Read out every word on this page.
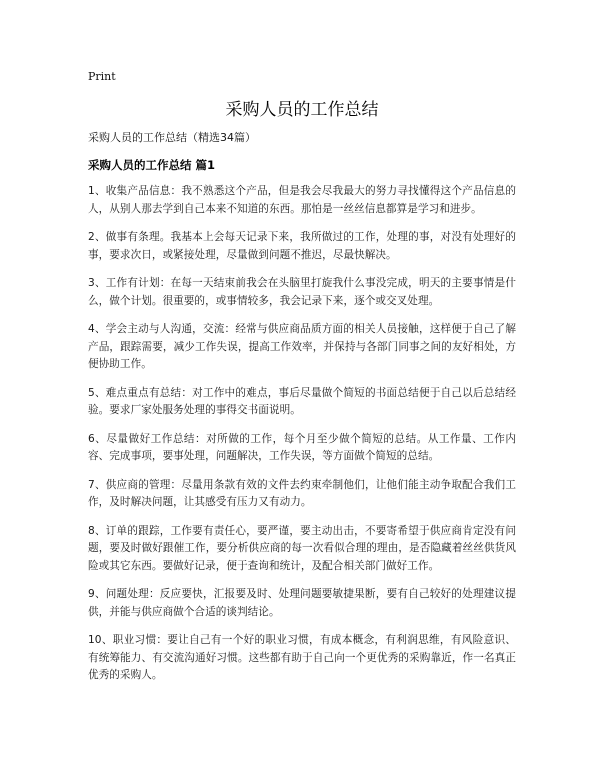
Print
采购人员的工作总结
采购人员的工作总结（精选34篇）
采购人员的工作总结 篇1

1、收集产品信息：我不熟悉这个产品，但是我会尽我最大的努力寻找懂得这个产品信息的人，从别人那去学到自己本来不知道的东西。那怕是一丝丝信息都算是学习和进步。

2、做事有条理。我基本上会每天记录下来，我所做过的工作，处理的事，对没有处理好的事，要求次日，或紧接处理，尽量做到问题不推迟，尽最快解决。

3、工作有计划：在每一天结束前我会在头脑里打旋我什么事没完成，明天的主要事情是什么，做个计划。很重要的，或事情较多，我会记录下来，逐个或交叉处理。

4、学会主动与人沟通，交流：经常与供应商品质方面的相关人员接触，这样便于自己了解产品，跟踪需要，减少工作失误，提高工作效率，并保持与各部门同事之间的友好相处，方便协助工作。

5、难点重点有总结：对工作中的难点，事后尽量做个简短的书面总结便于自己以后总结经验。要求厂家处服务处理的事得交书面说明。

6、尽量做好工作总结：对所做的工作，每个月至少做个简短的总结。从工作量、工作内容、完成事项，要事处理，问题解决，工作失误，等方面做个简短的总结。

7、供应商的管理：尽量用条款有效的文件去约束牵制他们，让他们能主动争取配合我们工作，及时解决问题，让其感受有压力又有动力。

8、订单的跟踪，工作要有责任心，要严谨，要主动出击，不要寄希望于供应商肯定没有问题，要及时做好跟催工作，要分析供应商的每一次看似合理的理由，是否隐藏着丝丝供货风险或其它东西。要做好记录，便于查询和统计，及配合相关部门做好工作。

9、问题处理：反应要快，汇报要及时、处理问题要敏捷果断，要有自己较好的处理建议提供，并能与供应商做个合适的谈判结论。

10、职业习惯：要让自己有一个好的职业习惯，有成本概念，有利润思维，有风险意识、有统筹能力、有交流沟通好习惯。这些都有助于自己向一个更优秀的采购靠近，作一名真正优秀的采购人。
